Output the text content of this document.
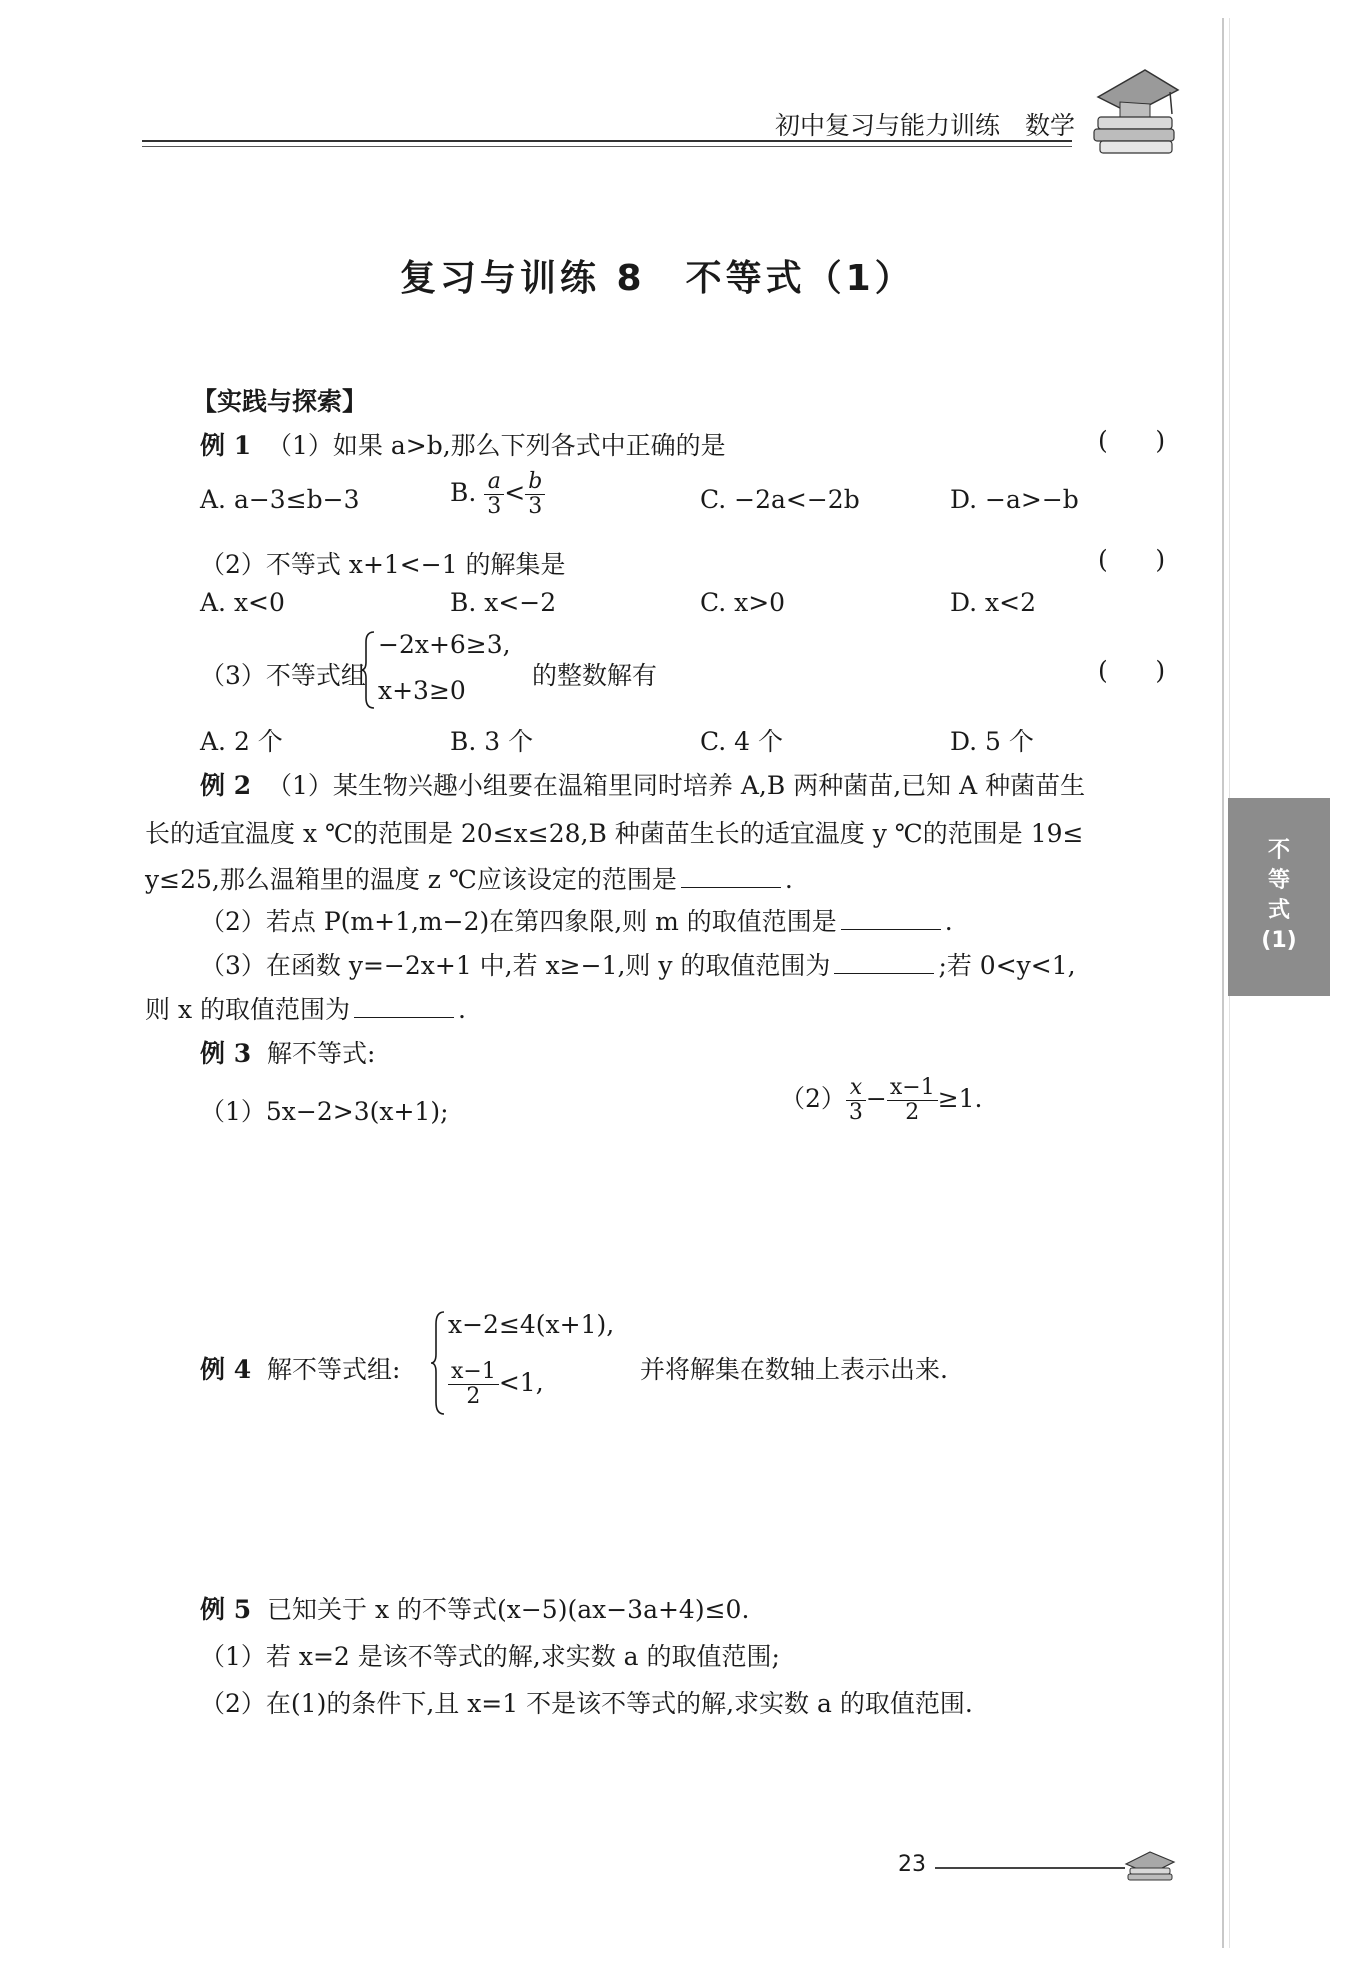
初中复习与能力训练　数学
复习与训练 8　不等式（1）
不
等
式
(1)
【实践与探索】
例 1 （1）如果 a>b,那么下列各式中正确的是	(      )
A. a−3≤b−3	B. $\frac{a}{3} < \frac{b}{3}$	C. −2a<−2b	D. −a>−b
（2）不等式 x+1<−1 的解集是	(      )
A. x<0	B. x<−2	C. x>0	D. x<2
（3）不等式组
−2x+6≥3,
x+3≥0
的整数解有	(      )
A. 2 个	B. 3 个	C. 4 个	D. 5 个
例 2 （1）某生物兴趣小组要在温箱里同时培养 A,B 两种菌苗,已知 A 种菌苗生
长的适宜温度 x ℃的范围是 20≤x≤28,B 种菌苗生长的适宜温度 y ℃的范围是 19≤
y≤25,那么温箱里的温度 z ℃应该设定的范围是	.
（2）若点 P(m+1,m−2)在第四象限,则 m 的取值范围是	.
（3）在函数 y=−2x+1 中,若 x≥−1,则 y 的取值范围为	;若 0<y<1,
则 x 的取值范围为	.
例 3 解不等式:
（1）5x−2>3(x+1);	$(2) \frac{x}{3} - \frac{x-1}{2} \ge 1$.
例 4 解不等式组:
x−2≤4(x+1),
$\frac{x-1}{2} <1$,	并将解集在数轴上表示出来.
例 5 已知关于 x 的不等式(x−5)(ax−3a+4)≤0.
（1）若 x=2 是该不等式的解,求实数 a 的取值范围;
（2）在(1)的条件下,且 x=1 不是该不等式的解,求实数 a 的取值范围.
23
